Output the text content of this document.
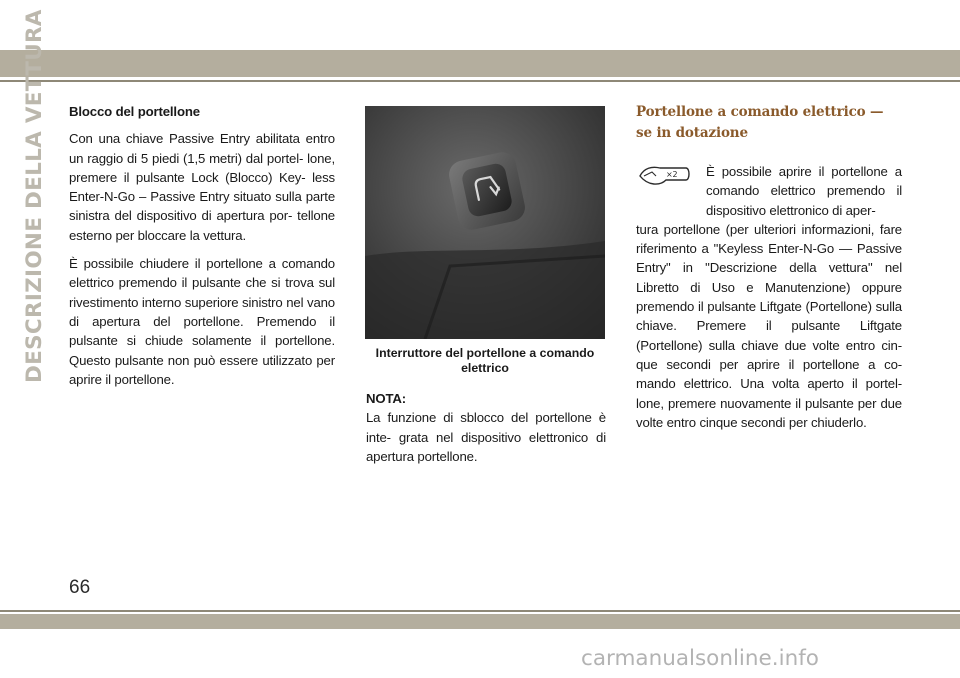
DESCRIZIONE DELLA VETTURA Blocco del portellone

Con una chiave Passive Entry abilitata entro un raggio di 5 piedi (1,5 metri) dal portel- lone, premere il pulsante Lock (Blocco) Key- less Enter-N-Go – Passive Entry situato sulla parte sinistra del dispositivo di apertura por- tellone esterno per bloccare la vettura.

È possibile chiudere il portellone a comando elettrico premendo il pulsante che si trova sul rivestimento interno superiore sinistro nel vano di apertura del portellone. Premendo il pulsante si chiude solamente il portellone. Questo pulsante non può essere utilizzato per aprire il portellone.

Interruttore del portellone a comando elettrico
NOTA:
La funzione di sblocco del portellone è inte- grata nel dispositivo elettronico di apertura portellone.
Portellone a comando elettrico — se in dotazione
×2 È possibile aprire il portellone a comando elettrico premendo il dispositivo elettronico di aper-
tura portellone (per ulteriori informazioni, fare riferimento a "Keyless Enter-N-Go — Passive Entry" in "Descrizione della vettura" nel Libretto di Uso e Manutenzione) oppure premendo il pulsante Liftgate (Portellone) sulla chiave. Premere il pulsante Liftgate (Portellone) sulla chiave due volte entro cin- que secondi per aprire il portellone a co- mando elettrico. Una volta aperto il portel- lone, premere nuovamente il pulsante per due volte entro cinque secondi per chiuderlo.
66
carmanualsonline.info
